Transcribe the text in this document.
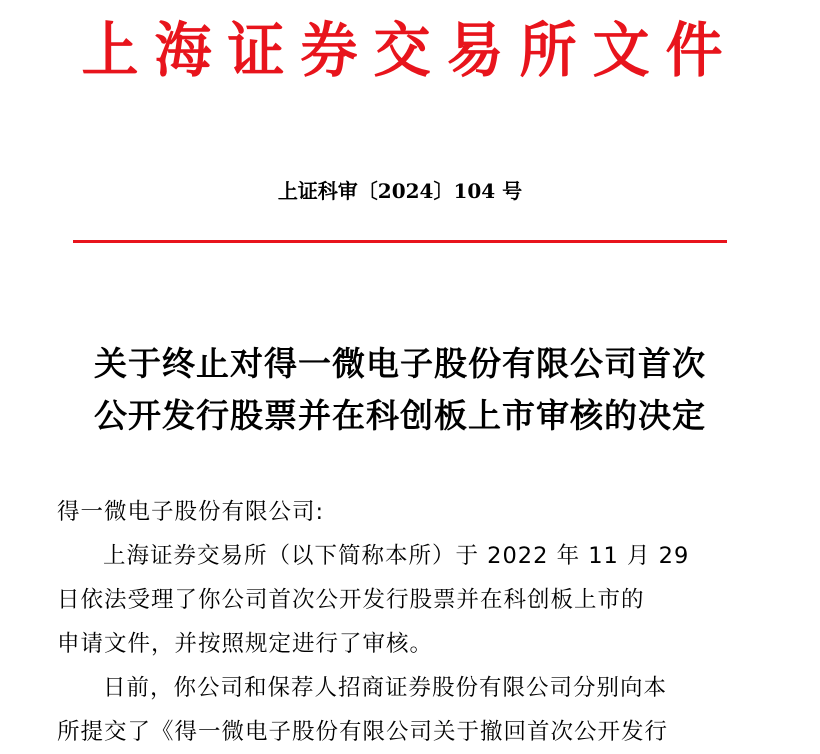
上海证券交易所文件
上证科审〔2024〕104 号
关于终止对得一微电子股份有限公司首次
公开发行股票并在科创板上市审核的决定

得一微电子股份有限公司:

上海证券交易所（以下简称本所）于 2022 年 11 月 29

日依法受理了你公司首次公开发行股票并在科创板上市的

申请文件，并按照规定进行了审核。

日前，你公司和保荐人招商证券股份有限公司分别向本

所提交了《得一微电子股份有限公司关于撤回首次公开发行
